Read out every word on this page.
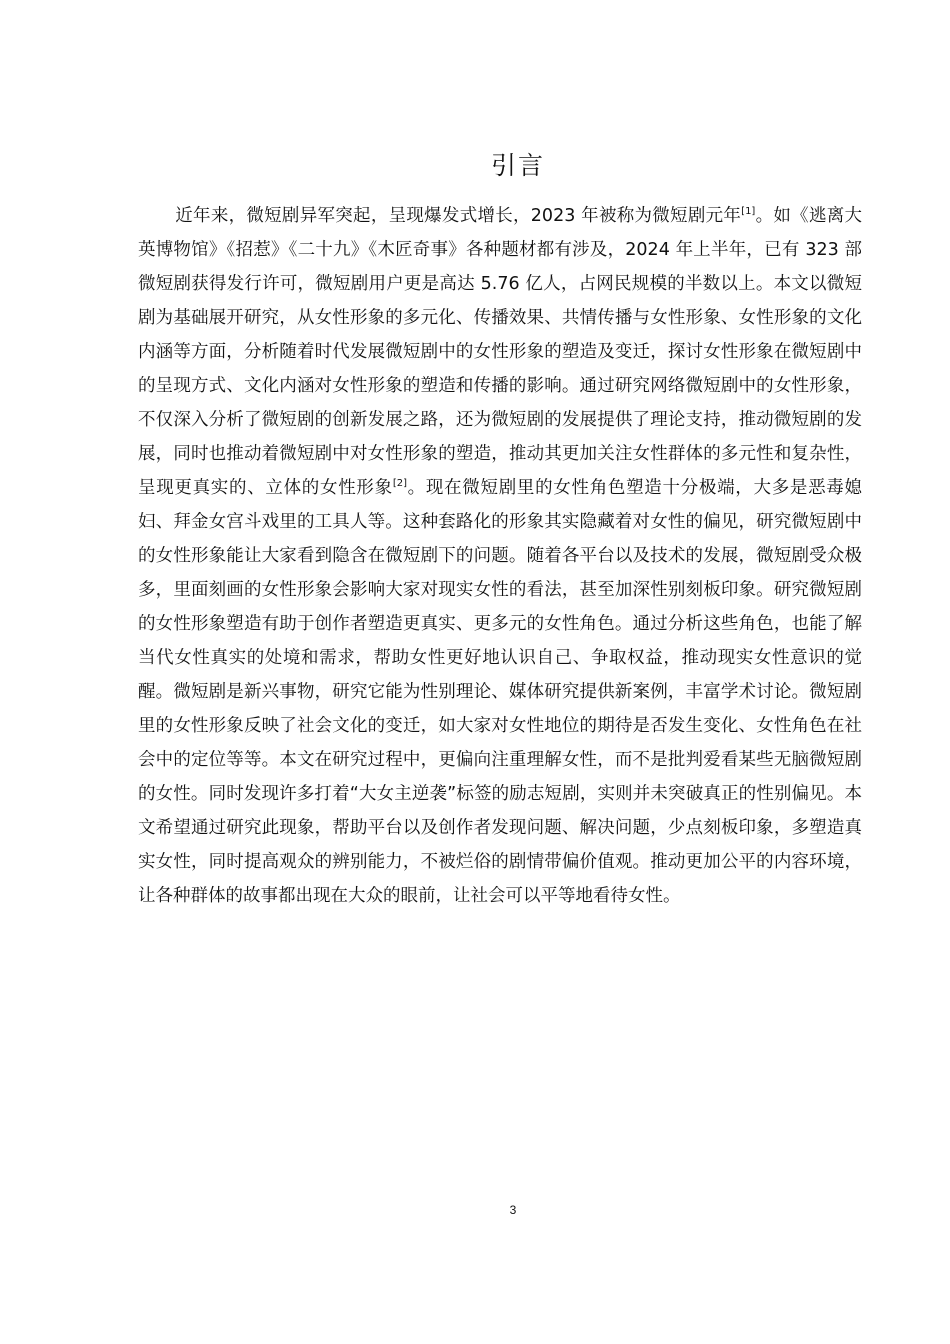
引言

近年来，微短剧异军突起，呈现爆发式增长，2023 年被称为微短剧元年[1]。如《逃离大英博物馆》《招惹》《二十九》《木匠奇事》各种题材都有涉及，2024 年上半年，已有 323 部微短剧获得发行许可，微短剧用户更是高达 5.76 亿人，占网民规模的半数以上。本文以微短剧为基础展开研究，从女性形象的多元化、传播效果、共情传播与女性形象、女性形象的文化内涵等方面，分析随着时代发展微短剧中的女性形象的塑造及变迁，探讨女性形象在微短剧中的呈现方式、文化内涵对女性形象的塑造和传播的影响。通过研究网络微短剧中的女性形象，不仅深入分析了微短剧的创新发展之路，还为微短剧的发展提供了理论支持，推动微短剧的发展，同时也推动着微短剧中对女性形象的塑造，推动其更加关注女性群体的多元性和复杂性，呈现更真实的、立体的女性形象[2]。现在微短剧里的女性角色塑造十分极端，大多是恶毒媳妇、拜金女宫斗戏里的工具人等。这种套路化的形象其实隐藏着对女性的偏见，研究微短剧中的女性形象能让大家看到隐含在微短剧下的问题。随着各平台以及技术的发展，微短剧受众极多，里面刻画的女性形象会影响大家对现实女性的看法，甚至加深性别刻板印象。研究微短剧的女性形象塑造有助于创作者塑造更真实、更多元的女性角色。通过分析这些角色，也能了解当代女性真实的处境和需求，帮助女性更好地认识自己、争取权益，推动现实女性意识的觉醒。微短剧是新兴事物，研究它能为性别理论、媒体研究提供新案例，丰富学术讨论。微短剧里的女性形象反映了社会文化的变迁，如大家对女性地位的期待是否发生变化、女性角色在社会中的定位等等。本文在研究过程中，更偏向注重理解女性，而不是批判爱看某些无脑微短剧的女性。同时发现许多打着“大女主逆袭”标签的励志短剧，实则并未突破真正的性别偏见。本文希望通过研究此现象，帮助平台以及创作者发现问题、解决问题，少点刻板印象，多塑造真实女性，同时提高观众的辨别能力，不被烂俗的剧情带偏价值观。推动更加公平的内容环境，让各种群体的故事都出现在大众的眼前，让社会可以平等地看待女性。

3
